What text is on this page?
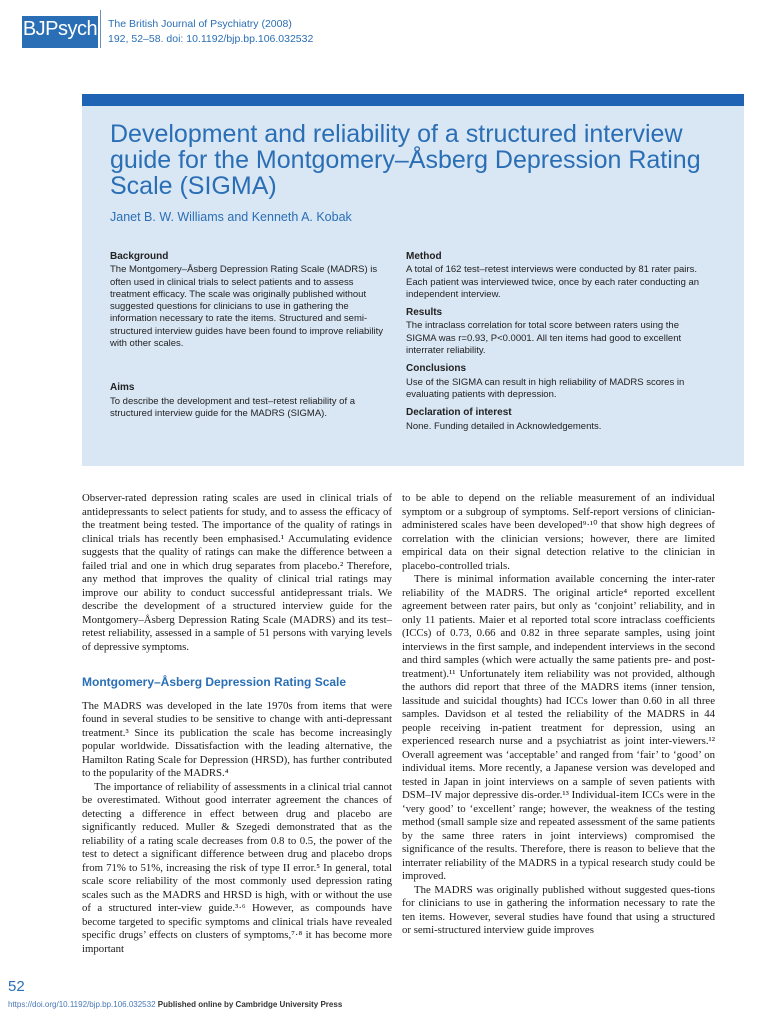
BJPsych The British Journal of Psychiatry (2008)
192, 52–58. doi: 10.1192/bjp.bp.106.032532
Development and reliability of a structured interview guide for the Montgomery–Åsberg Depression Rating Scale (SIGMA)
Janet B. W. Williams and Kenneth A. Kobak
Background
The Montgomery–Åsberg Depression Rating Scale (MADRS) is often used in clinical trials to select patients and to assess treatment efficacy. The scale was originally published without suggested questions for clinicians to use in gathering the information necessary to rate the items. Structured and semi-structured interview guides have been found to improve reliability with other scales.
Aims
To describe the development and test–retest reliability of a structured interview guide for the MADRS (SIGMA).
Method
A total of 162 test–retest interviews were conducted by 81 rater pairs. Each patient was interviewed twice, once by each rater conducting an independent interview.
Results
The intraclass correlation for total score between raters using the SIGMA was r=0.93, P<0.0001. All ten items had good to excellent interrater reliability.
Conclusions
Use of the SIGMA can result in high reliability of MADRS scores in evaluating patients with depression.
Declaration of interest
None. Funding detailed in Acknowledgements.

Observer-rated depression rating scales are used in clinical trials of antidepressants to select patients for study, and to assess the efficacy of the treatment being tested. The importance of the quality of ratings in clinical trials has recently been emphasised.¹ Accumulating evidence suggests that the quality of ratings can make the difference between a failed trial and one in which drug separates from placebo.² Therefore, any method that improves the quality of clinical trial ratings may improve our ability to conduct successful antidepressant trials. We describe the development of a structured interview guide for the Montgomery–Åsberg Depression Rating Scale (MADRS) and its test–retest reliability, assessed in a sample of 51 persons with varying levels of depressive symptoms.

Montgomery–Åsberg Depression Rating Scale

The MADRS was developed in the late 1970s from items that were found in several studies to be sensitive to change with anti-depressant treatment.³ Since its publication the scale has become increasingly popular worldwide. Dissatisfaction with the leading alternative, the Hamilton Rating Scale for Depression (HRSD), has further contributed to the popularity of the MADRS.⁴

The importance of reliability of assessments in a clinical trial cannot be overestimated. Without good interrater agreement the chances of detecting a difference in effect between drug and placebo are significantly reduced. Muller & Szegedi demonstrated that as the reliability of a rating scale decreases from 0.8 to 0.5, the power of the test to detect a significant difference between drug and placebo drops from 71% to 51%, increasing the risk of type II error.⁵ In general, total scale score reliability of the most commonly used depression rating scales such as the MADRS and HRSD is high, with or without the use of a structured inter-view guide.³·⁶ However, as compounds have become targeted to specific symptoms and clinical trials have revealed specific drugs’ effects on clusters of symptoms,⁷·⁸ it has become more important

to be able to depend on the reliable measurement of an individual symptom or a subgroup of symptoms. Self-report versions of clinician-administered scales have been developed⁹·¹⁰ that show high degrees of correlation with the clinician versions; however, there are limited empirical data on their signal detection relative to the clinician in placebo-controlled trials.

There is minimal information available concerning the inter-rater reliability of the MADRS. The original article⁴ reported excellent agreement between rater pairs, but only as ‘conjoint’ reliability, and in only 11 patients. Maier et al reported total score intraclass coefficients (ICCs) of 0.73, 0.66 and 0.82 in three separate samples, using joint interviews in the first sample, and independent interviews in the second and third samples (which were actually the same patients pre- and post-treatment).¹¹ Unfortunately item reliability was not provided, although the authors did report that three of the MADRS items (inner tension, lassitude and suicidal thoughts) had ICCs lower than 0.60 in all three samples. Davidson et al tested the reliability of the MADRS in 44 people receiving in-patient treatment for depression, using an experienced research nurse and a psychiatrist as joint inter-viewers.¹² Overall agreement was ‘acceptable’ and ranged from ‘fair’ to ‘good’ on individual items. More recently, a Japanese version was developed and tested in Japan in joint interviews on a sample of seven patients with DSM–IV major depressive dis-order.¹³ Individual-item ICCs were in the ‘very good’ to ‘excellent’ range; however, the weakness of the testing method (small sample size and repeated assessment of the same patients by the same three raters in joint interviews) compromised the significance of the results. Therefore, there is reason to believe that the interrater reliability of the MADRS in a typical research study could be improved.

The MADRS was originally published without suggested ques-tions for clinicians to use in gathering the information necessary to rate the ten items. However, several studies have found that using a structured or semi-structured interview guide improves

52
https://doi.org/10.1192/bjp.bp.106.032532 Published online by Cambridge University Press
